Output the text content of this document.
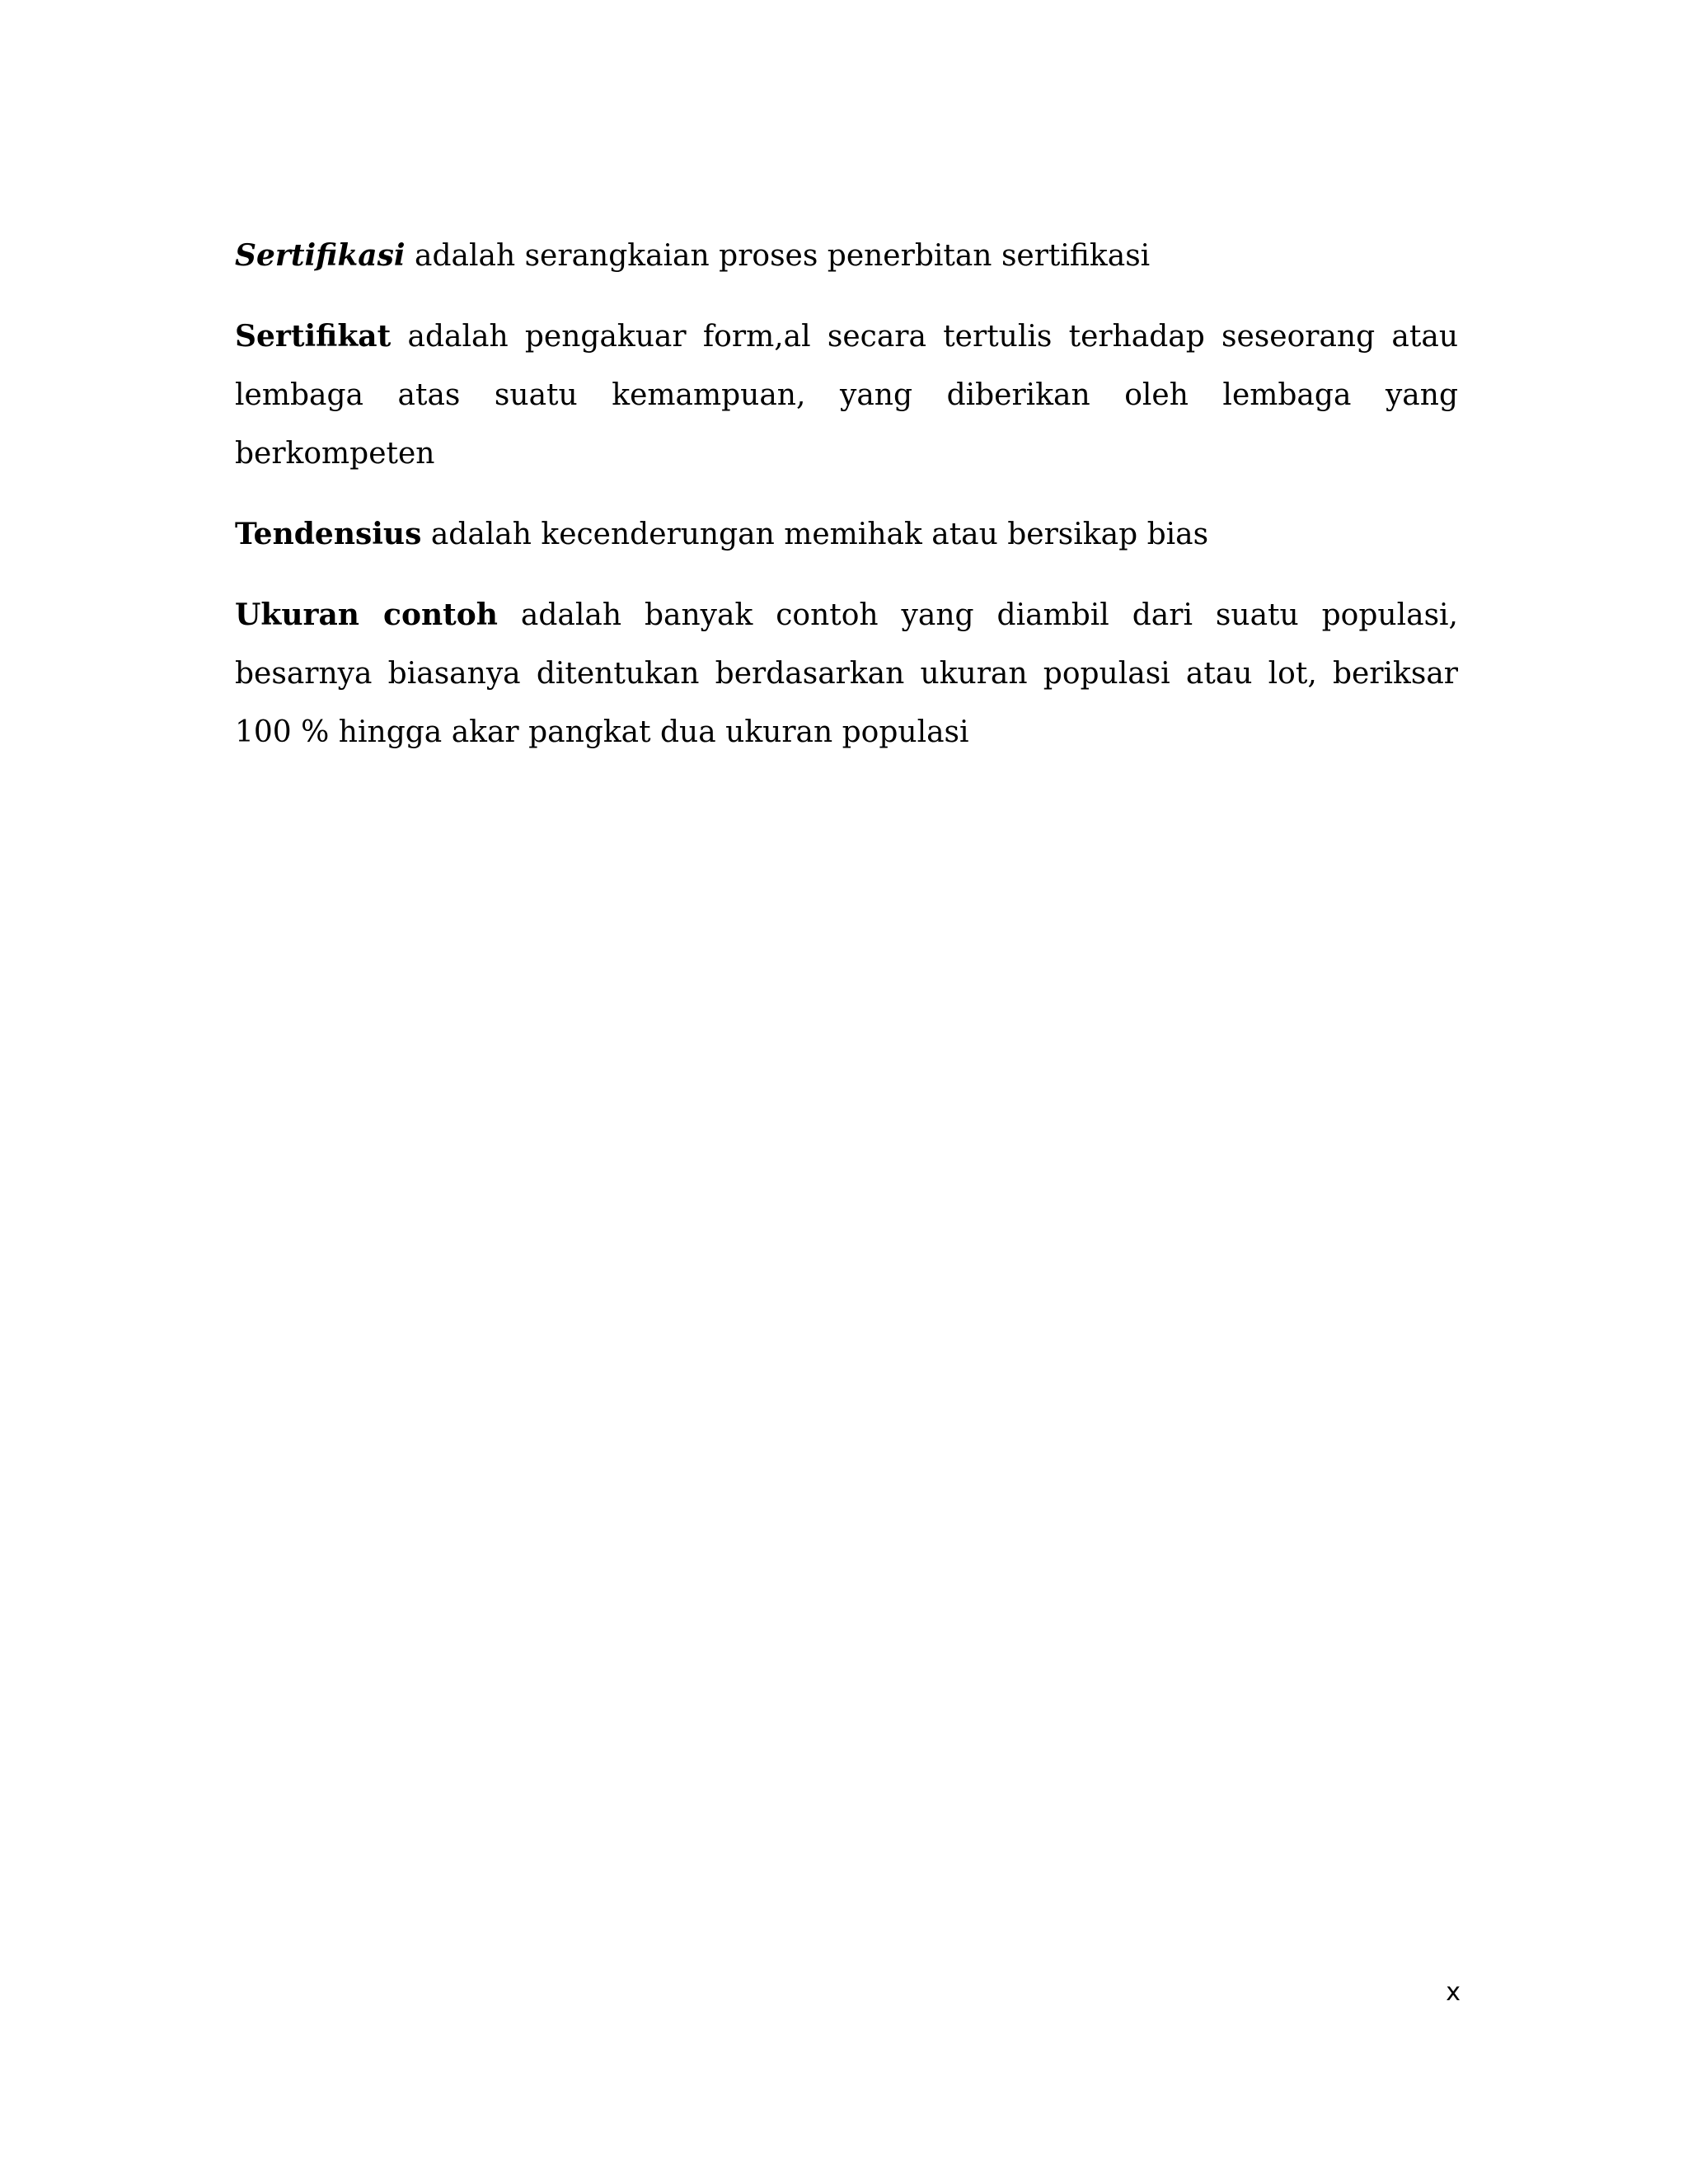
Sertifikasi adalah serangkaian proses penerbitan sertifikasi

Sertifikat adalah pengakuar form,al secara tertulis terhadap seseorang atau lembaga atas suatu kemampuan, yang diberikan oleh lembaga yang berkompeten

Tendensius adalah kecenderungan memihak atau bersikap bias

Ukuran contoh adalah banyak contoh yang diambil dari suatu populasi, besarnya biasanya ditentukan berdasarkan ukuran populasi atau lot, beriksar 100 % hingga akar pangkat dua ukuran populasi

x
